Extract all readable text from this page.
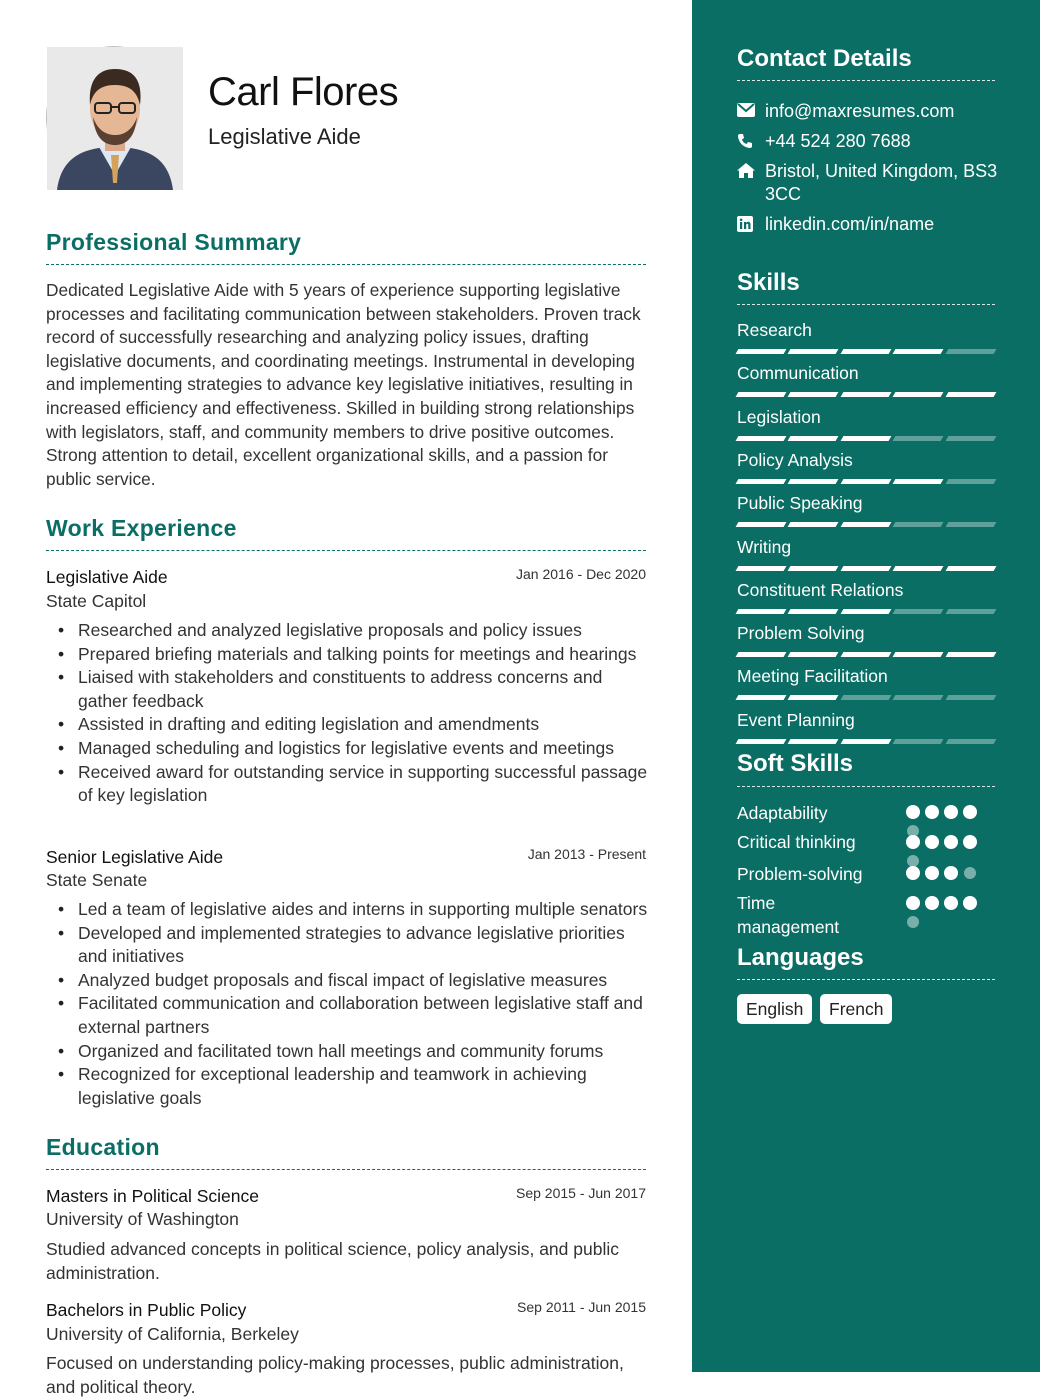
Carl Flores
Legislative Aide
Professional Summary
Dedicated Legislative Aide with 5 years of experience supporting legislative processes and facilitating communication between stakeholders. Proven track record of successfully researching and analyzing policy issues, drafting legislative documents, and coordinating meetings. Instrumental in developing and implementing strategies to advance key legislative initiatives, resulting in increased efficiency and effectiveness. Skilled in building strong relationships with legislators, staff, and community members to drive positive outcomes. Strong attention to detail, excellent organizational skills, and a passion for public service.
Work Experience
Legislative Aide	Jan 2016 - Dec 2020
State Capitol
• Researched and analyzed legislative proposals and policy issues
• Prepared briefing materials and talking points for meetings and hearings
• Liaised with stakeholders and constituents to address concerns and gather feedback
• Assisted in drafting and editing legislation and amendments
• Managed scheduling and logistics for legislative events and meetings
• Received award for outstanding service in supporting successful passage of key legislation
Senior Legislative Aide	Jan 2013 - Present
State Senate
• Led a team of legislative aides and interns in supporting multiple senators
• Developed and implemented strategies to advance legislative priorities and initiatives
• Analyzed budget proposals and fiscal impact of legislative measures
• Facilitated communication and collaboration between legislative staff and external partners
• Organized and facilitated town hall meetings and community forums
• Recognized for exceptional leadership and teamwork in achieving legislative goals
Education
Masters in Political Science	Sep 2015 - Jun 2017
University of Washington
Studied advanced concepts in political science, policy analysis, and public administration.
Bachelors in Public Policy	Sep 2011 - Jun 2015
University of California, Berkeley
Focused on understanding policy-making processes, public administration, and political theory.
Contact Details
info@maxresumes.com
+44 524 280 7688
Bristol, United Kingdom, BS3 3CC
linkedin.com/in/name
Skills
Research
Communication
Legislation
Policy Analysis
Public Speaking
Writing
Constituent Relations
Problem Solving
Meeting Facilitation
Event Planning
Soft Skills
Adaptability
Critical thinking
Problem-solving
Time management
Languages
English	French
